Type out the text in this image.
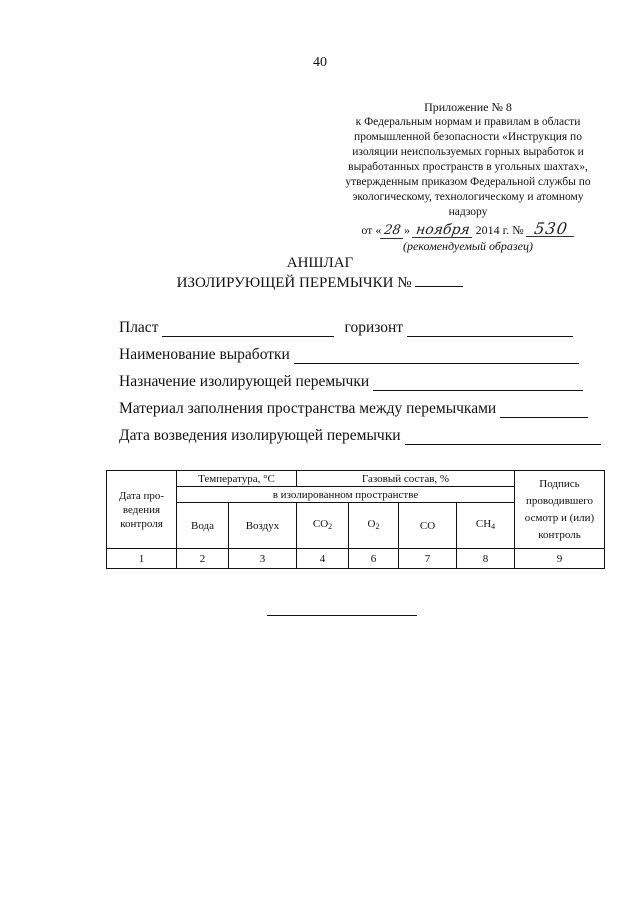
40
Приложение № 8
к Федеральным нормам и правилам в области
промышленной безопасности «Инструкция по
изоляции неиспользуемых горных выработок и
выработанных пространств в угольных шахтах»,
утвержденным приказом Федеральной службы по
экологическому, технологическому и атомному
надзору
от « 28 » ноября 2014 г. № 530
(рекомендуемый образец)
АНШЛАГ
ИЗОЛИРУЮЩЕЙ ПЕРЕМЫЧКИ №
Пласт	горизонт
Наименование выработки
Назначение изолирующей перемычки
Материал заполнения пространства между перемычками
Дата возведения изолирующей перемычки
Дата про-ведения контроля	Температура, °С		Газовый состав, %				Подпись проводившего осмотр и (или) контроль
	в изолированном пространстве						
	Вода	Воздух	$CO_2$	$O_2$	CO	$CH_4$
1	2	3	4	6	7	8	9
